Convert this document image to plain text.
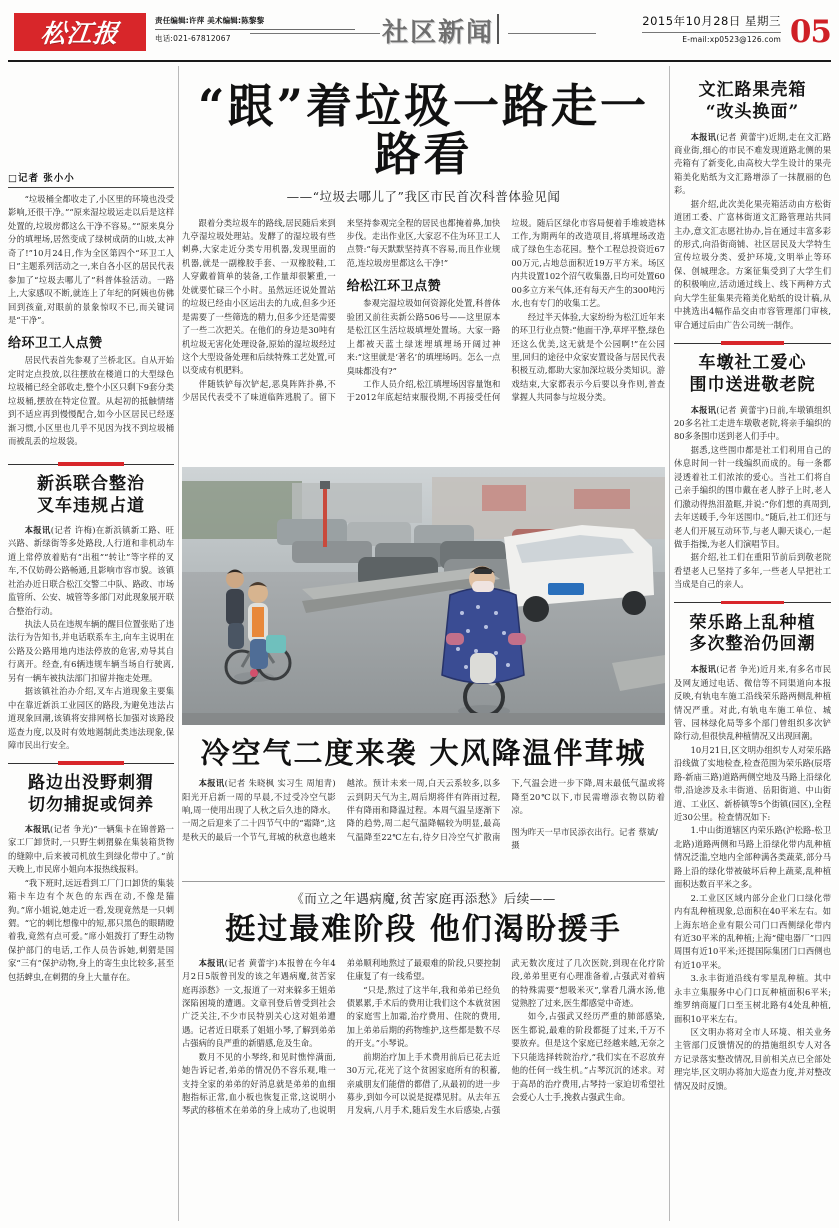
松江报	责任编辑:许萍 美术编辑:陈黎黎
电话:021-67812067	社区新闻	2015年10月28日 星期三
E-mail:xp0523@126.com 05
□记者 张小小

“垃圾桶全都收走了,小区里的环境也没受影响,还很干净。”“原来湿垃圾运走以后是这样处置的,垃圾房都这么干净不容易。”“原来臭分分的填埋场,居然变成了绿树成荫的山坡,太神奇了!”10月24日,作为全区第四个“环卫工人日”主题系列活动之一,来自各小区的居民代表参加了“垃圾去哪儿了”科普体验活动。一路上,大家感叹不断,就连上了年纪的阿姨也仿佛回到孩童,对眼前的景象惊叹不已,而关键词是“干净”。

给环卫工人点赞

居民代表首先参观了兰桥北区。自从开始定时定点投放,以往摆放在楼道口的大型绿色垃圾桶已经全部收走,整个小区只剩下9套分类垃圾桶,摆放在特定位置。从起初的抵触情绪到不适应再到慢慢配合,如今小区居民已经逐渐习惯,小区里也几乎不见因为找不到垃圾桶而被乱丢的垃圾袋。

新浜联合整治
叉车违规占道

本报讯(记者 许梅)在新浜镇新工路、旺兴路、新绿街等多处路段,人行道和非机动车道上常停放着贴有“出租”“转让”等字样的叉车,不仅妨碍公路畅通,且影响市容市貌。该镇社治办近日联合松江交警二中队、路政、市场监管所、公安、城管等多部门对此现象展开联合整治行动。

执法人员在违规车辆的醒目位置张贴了违法行为告知书,并电话联系车主,向车主说明在公路及公路用地内违法停放的危害,劝导其自行离开。经查,有6辆违规车辆当场自行驶离,另有一辆车被执法部门扣留并拖走处理。

据该镇社治办介绍,叉车占道现象主要集中在靠近新浜工业园区的路段,为避免违法占道现象回潮,该镇将安排网格长加强对该路段巡查力度,以及时有效地遏制此类违法现象,保障市民出行安全。

路边出没野刺猬
切勿捕捉或饲养

本报讯(记者 争光)“一辆集卡在锦普路一家工厂卸货时,一只野生刺猬躲在集装箱货物的缝隙中,后来被司机放生到绿化带中了。”前天晚上,市民席小姐向本报热线报料。

“我下班时,远远看到工厂门口卸货的集装箱卡车边有个灰色的东西在动,不像是猫狗。”席小姐说,她走近一看,发现竟然是一只刺猬。“它的刺比想像中的短,那只黑色的眼睛瞪着我,竟然有点可爱。”席小姐拨打了野生动物保护部门的电话,工作人员告诉她,刺猬是国家“三有”保护动物,身上的寄生虫比较多,甚至包括蜱虫,在刺猬的身上大量存在。

“跟”着垃圾一路走一路看
——“垃圾去哪儿了”我区市民首次科普体验见闻

跟着分类垃圾车的路线,居民随后来到九亭湿垃圾处理站。发酵了的湿垃圾有些刺鼻,大家走近分类专用机器,发现里面的机器,就是一副橡胶手套、一双橡胶鞋,工人穿戴着简单的装备,工作量却很繁重,一处就要忙碌三个小时。虽然远还说处置站的垃圾已经由小区运出去的九成,但多少还是需要了一些筛选的精力,但多少还是需要了一些二次把关。在他们的身边是30吨有机垃圾无害化处理设备,原始的湿垃圾经过这个大型设备处理和后续特殊工艺处置,可以变成有机肥料。

伴随铁铲每次铲起,恶臭阵阵扑鼻,不少居民代表受不了味道临阵逃脱了。留下来坚持参观完全程的居民也都掩着鼻,加快步伐。走出作业区,大家忍不住为环卫工人点赞:“每天默默坚持真不容易,而且作业规范,连垃圾房里都这么干净!”

给松江环卫点赞

参观完湿垃圾如何资源化处置,科普体验团又前往卖新公路506号——这里原本是松江区生活垃圾填埋处置场。大家一路上都被天蓝土绿迷埋填埋场开阔过神来:“这里就是‘著名’的填埋场吗。怎么一点臭味都没有?”

工作人员介绍,松江填埋场因容量饱和于2012年底起结束服役期,不再接受任何垃圾。随后区绿化市容局便着手堆坡造林工作,为期两年的改造项目,将填埋场改造成了绿色生态花园。整个工程总投资近6700万元,占地总面积近19万平方米。场区内共设置102个沼气收集器,日均可处置6000多立方米气体,还有每天产生的300吨污水,也有专门的收集工艺。

经过半天体验,大家纷纷为松江近年来的环卫行业点赞:“他面干净,草坪平整,绿色还这么优美,这无就是个公园啊!”在公园里,回归的途径中众家安置设备与居民代表积极互动,都助大家加深垃圾分类知识。游戏结束,大家都表示今后要以身作则,普查掌握人共同参与垃圾分类。

冷空气二度来袭 大风降温伴茸城

本报讯(记者 朱晓枫 实习生 周旭青)阳光开启新一周的早晨,不过受冷空气影响,周一使用出现了人秋之后久违的降水。一周之后迎来了二十四节气中的“霜降”,这是秋天的最后一个节气,茸城的秋意也越来越浓。预计未来一周,白天云系较多,以多云到阴天气为主,周后期将伴有阵雨过程,伴有降雨和降温过程。本周气温呈逐渐下降的趋势,周二起气温降幅较为明显,最高气温降至22℃左右,待夕日冷空气扩散南下,气温会进一步下降,周末最低气温或将降至20℃以下,市民需增添衣物以防着凉。

图为昨天一早市民添衣出行。记者 蔡斌/摄

《而立之年遇病魔,贫苦家庭再添愁》后续——
挺过最难阶段 他们渴盼援手

本报讯(记者 黄蕾宇)本报曾在今年4月2日5版曾刊发的该之年遇病魔,贫苦家庭再添愁》一文,报道了一对来躲多王姐弟深陷困境的遭遇。文章刊登后曾受到社会广泛关注,不少市民特别关心这对姐弟遭遇。记者近日联系了姐姐小琴,了解到弟弟占强病的良严重的新腊感,危及生命。

数月不见的小琴终,和见时憔悴满面,她告诉记者,弟弟的情况仍不容乐观,唯一支持全家的弟弟的好消息就是弟弟的血细胞指标正常,血小板也恢复正常,这说明小琴武的移植术在弟弟的身上成功了,也说明弟弟顺利地熬过了最艰难的阶段,只要控制住康复了有一线希望。

“只是,熬过了这半年,我和弟弟已经负债累累,手术后的费用让我们这个本就贫困的家庭雪上加霜,治疗费用、住院的费用,加上弟弟后期的药物维护,这些都是数不尽的开支。”小琴说。

前期治疗加上手术费用前后已花去近30万元,花光了这个贫困家庭所有的积蓄,亲戚朋友们能借的都借了,从最初的进一步募步,到如今可以说是捉襟见肘。从去年五月发病,八月手术,随后发生水后感染,占强武无数次度过了几次医院,到现在化疗阶段,弟弟里更有心理准备着,占强武对着病的特殊需要“想吸米灭”,掌看几满水汤,他觉熟腔了过来,医生都感觉中奇迹。

如今,占强武又经历严重的肺部感染,医生都说,最难的阶段都挺了过来,千万不要放弃。但是这个家庭已经越来越,无奈之下只能选择转院治疗,“我们实在不忍放弃他的任何一线生机。”占琴沉沉的述求。对于高昂的治疗费用,占琴持一家迫切希望社会爱心人士手,挽救占强武生命。

文汇路果壳箱
“改头换面”

本报讯(记者 黄蕾宇)近期,走在文汇路商业街,细心的市民不难发现道路北侧的果壳箱有了新变化,由高校大学生设计的果壳箱美化贴纸为文汇路增添了一抹靓丽的色彩。

据介绍,此次美化果壳箱活动由方松街道团工委、广富林街道文汇路管理站共同主办,意文汇志愿社协办,旨在通过丰富多彩的形式,向沿街商铺、社区居民及大学特生宣传垃圾分类、爱护环境,文明举止等环保、创城理念。方案征集受到了大学生们的积极响应,活动通过线上、线下两种方式向大学生征集果壳箱美化贴纸的设计稿,从中挑选出4幅作品交由市容管理部门审核,审合通过后由广告公司统一制作。

车墩社工爱心
围巾送进敬老院

本报讯(记者 黄蕾宇)日前,车墩镇组织20多名社工走进车墩敬老院,将亲手编织的80多条围巾送到老人们手中。

据悉,这些围巾都是社工们利用自己的休息时间一针一线编织而成的。每一条都浸透着社工们浓浓的爱心。当社工们将自己亲手编织的围巾戴在老人脖子上时,老人们激动得热泪盈眶,并说:“你们想的真周到,去年送暖手,今年送围巾。”随后,社工们还与老人们开展互动环节,与老人聊天谈心,一起做手指操,为老人们演唱节目。

据介绍,社工们在重阳节前后到敬老院看望老人已坚持了多年,一些老人早把社工当成是自己的亲人。

荣乐路上乱种植
多次整治仍回潮

本报讯(记者 争光)近月来,有多名市民及网友通过电话、微信等不同渠道向本报反映,有轨电车施工沿线荣乐路两侧乱种植情况严重。对此,有轨电车施工单位、城管、园林绿化局等多个部门曾组织多次铲除行动,但很快乱种植情况又出现回潮。

10月21日,区文明办组织专人对荣乐路沿线做了实地检查,检查范围为荣乐路(辰塔路-新庙三路)道路两侧空地及马路上沿绿化带,沿途涉及永丰街道、岳阳街道、中山街道、工业区、新桥镇等5个街镇(园区),全程近30公里。检查情况如下:

1.中山街道辖区内荣乐路(沪松路-松卫北路)道路两侧和马路上沿绿化带内乱种植情况泛滥,空地内全部种满各类蔬菜,部分马路上沿的绿化带被破坏后种上蔬菜,乱种植面积达数百平米之多。

2.工业区区域内部分企业门口绿化带内有乱种植现象,总面积在40平米左右。如上海东培企业有限公司门口西侧绿化带内有近30平米的乱种植;上海“健电器厂”口四周围有近10平米;还提国际集团门口西侧也有近10平米。

3.永丰街道沿线有零星乱种植。其中永丰立集服务中心门口瓦种植面积6平米;维罗纳商厦门口至玉树北路有4处乱种植,面积10平米左右。

区文明办将对全市人环境、相关业务主管部门反馈情况的的措施组织专人对各方记录落实整改情况,目前相关点已全部处理完毕,区文明办将加大巡查力度,并对整改情况及时反馈。
